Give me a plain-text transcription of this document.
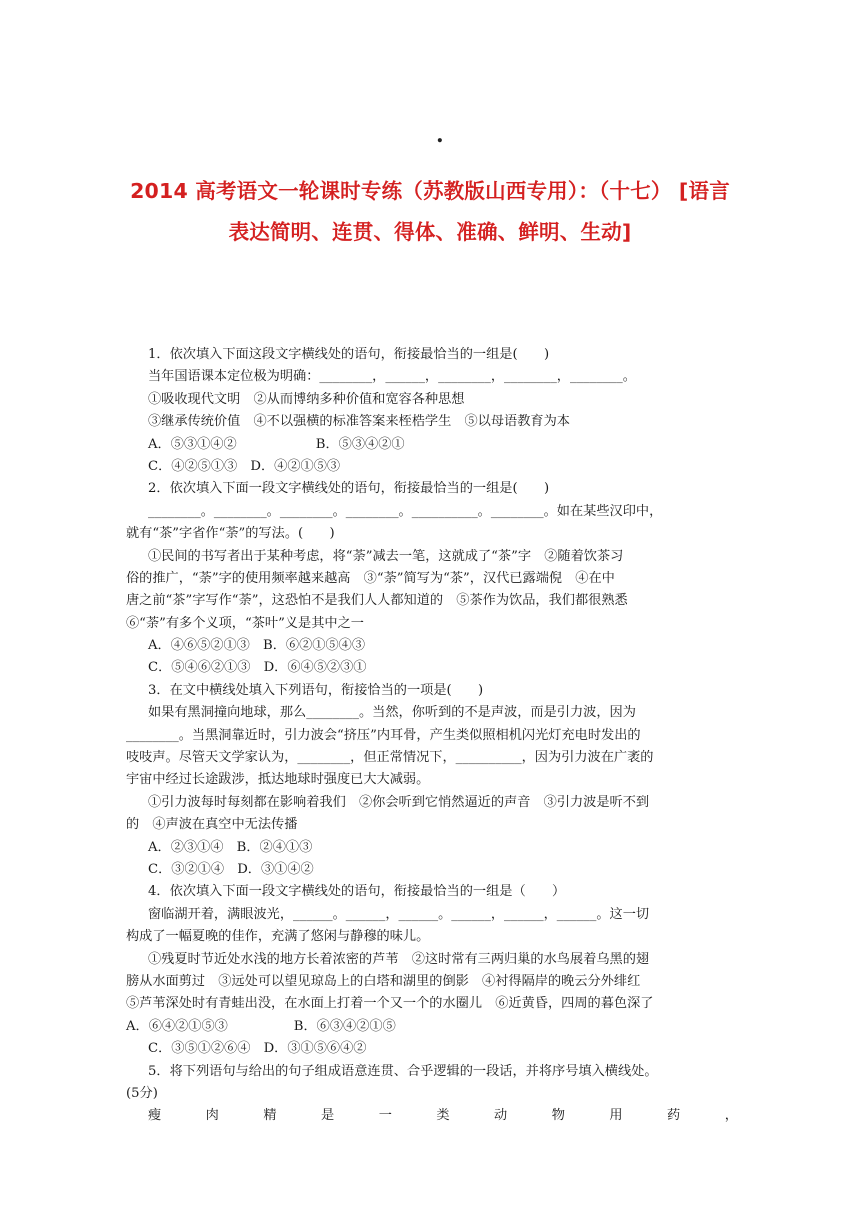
.
2014 高考语文一轮课时专练（苏教版山西专用）：（十七） [语言
表达简明、连贯、得体、准确、鲜明、生动]
1．依次填入下面这段文字横线处的语句，衔接最恰当的一组是(　　)
当年国语课本定位极为明确：________，______，________，________，________。
①吸收现代文明　②从而博纳多种价值和宽容各种思想
③继承传统价值　④不以强横的标准答案来桎梏学生　⑤以母语教育为本
A．⑤③①④②　　　　　　B．⑤③④②①
C．④②⑤①③　D．④②①⑤③
2．依次填入下面一段文字横线处的语句，衔接最恰当的一组是(　　)
________。________。________。________。__________。________。如在某些汉印中，
就有“茶”字省作“荼”的写法。(　　)
①民间的书写者出于某种考虑，将“荼”减去一笔，这就成了“茶”字　②随着饮茶习
俗的推广，“荼”字的使用频率越来越高　③“荼”简写为“茶”，汉代已露端倪　④在中
唐之前“茶”字写作“荼”，这恐怕不是我们人人都知道的　⑤茶作为饮品，我们都很熟悉
⑥“荼”有多个义项，“茶叶”义是其中之一
A．④⑥⑤②①③　B．⑥②①⑤④③
C．⑤④⑥②①③　D．⑥④⑤②③①
3．在文中横线处填入下列语句，衔接恰当的一项是(　　)
如果有黑洞撞向地球，那么________。当然，你听到的不是声波，而是引力波，因为
________。当黑洞靠近时，引力波会“挤压”内耳骨，产生类似照相机闪光灯充电时发出的
吱吱声。尽管天文学家认为，________，但正常情况下，__________，因为引力波在广袤的
宇宙中经过长途跋涉，抵达地球时强度已大大减弱。
①引力波每时每刻都在影响着我们　②你会听到它悄然逼近的声音　③引力波是听不到
的　④声波在真空中无法传播
A．②③①④　B．②④①③
C．③②①④　D．③①④②
4．依次填入下面一段文字横线处的语句，衔接最恰当的一组是（　　）
窗临湖开着，满眼波光，______。______，______。______，______，______。这一切
构成了一幅夏晚的佳作，充满了悠闲与静穆的味儿。
①残夏时节近处水浅的地方长着浓密的芦苇　②这时常有三两归巢的水鸟展着乌黑的翅
膀从水面剪过　③远处可以望见琼岛上的白塔和湖里的倒影　④衬得隔岸的晚云分外绯红
⑤芦苇深处时有青蛙出没，在水面上打着一个又一个的水圈儿　⑥近黄昏，四周的暮色深了
A．⑥④②①⑤③　　　　　B．⑥③④②①⑤
C．③⑤①②⑥④　D．③①⑤⑥④②
5．将下列语句与给出的句子组成语意连贯、合乎逻辑的一段话，并将序号填入横线处。
(5分)
瘦	肉	精	是	一	类	动	物	用	药	，
